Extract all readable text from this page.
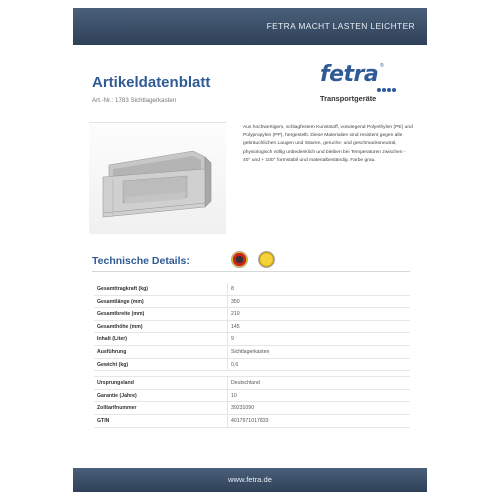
FETRA MACHT LASTEN LEICHTER
Artikeldatenblatt
Art.-Nr.: 1783 Sichtlagerkasten
fetra ®
Transportgeräte
Aus hochwertigem, schlagfestem Kunststoff, vorwiegend Polyethylen (PE) und Polypropylen (PP), hergestellt. Diese Materialien sind resistent gegen alle gebräuchlichen Laugen und Säuren, geruchs- und geschmacksneutral, physiologisch völlig unbedenklich und bleiben bei Temperaturen zwischen - 40° und + 100° formstabil und materialbeständig. Farbe grau.
Technische Details:
Gesamttragkraft (kg)	8
Gesamtlänge (mm)	350
Gesamtbreite (mm)	210
Gesamthöhe (mm)	145
Inhalt (Liter)	9
Ausführung	Sichtlagerkasten
Gewicht (kg)	0,6
Ursprungsland	Deutschland
Garantie (Jahre)	10
Zolltarifnummer	39231090
GTIN	4017971017833
www.fetra.de
